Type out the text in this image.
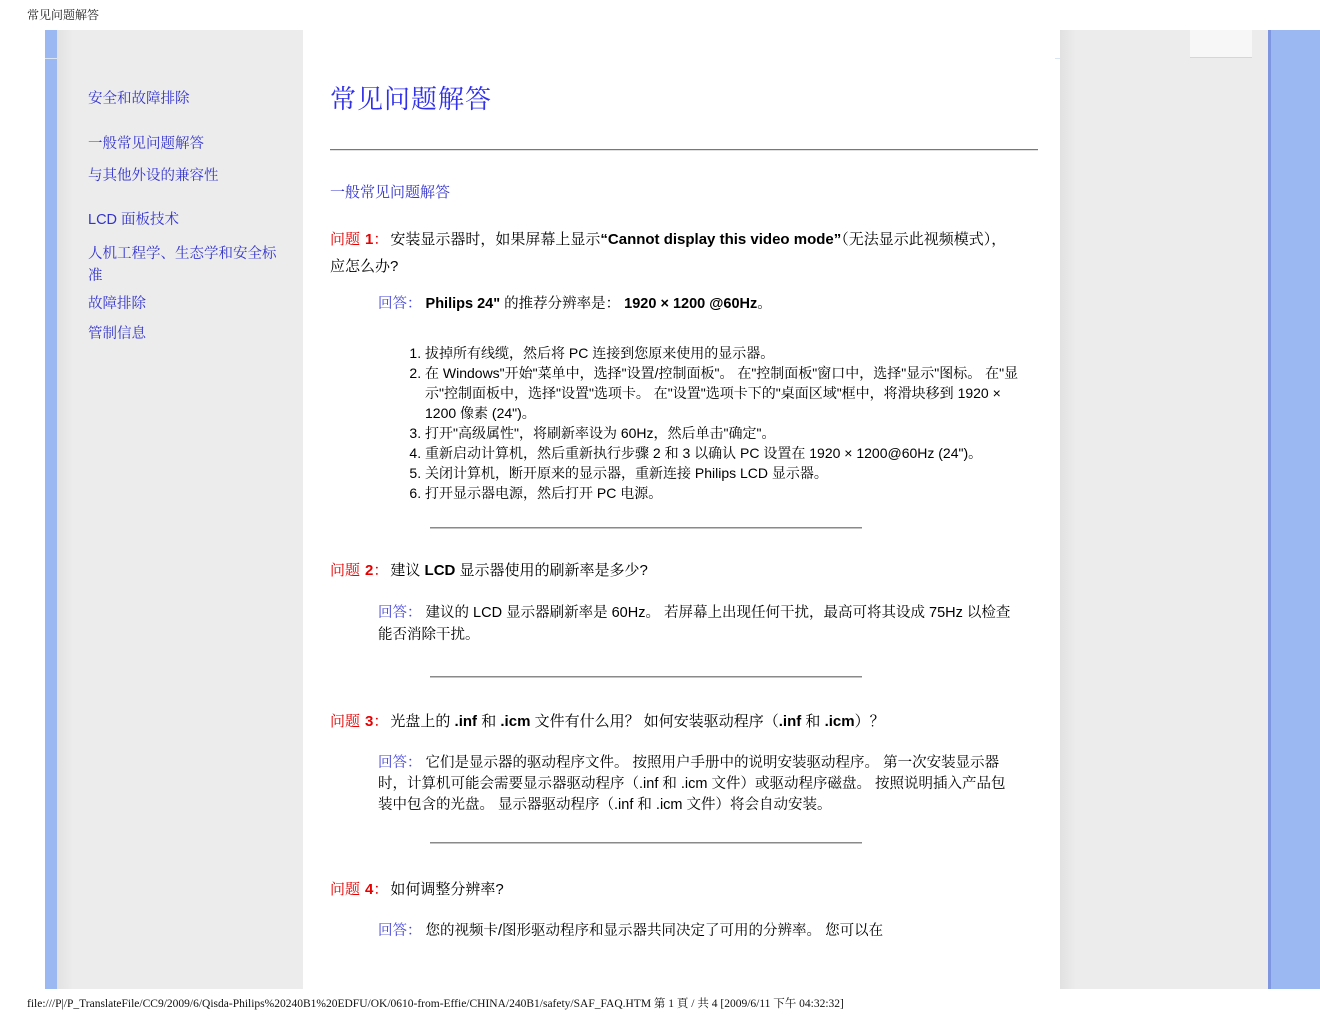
常见问题解答
安全和故障排除
一般常见问题解答
与其他外设的兼容性
LCD 面板技术
人机工程学、生态学和安全标准
故障排除
管制信息
常见问题解答
一般常见问题解答

问题 1： 安装显示器时，如果屏幕上显示“Cannot display this video mode”（无法显示此视频模式），应怎么办?

回答： Philips 24" 的推荐分辨率是： 1920 × 1200 @60Hz。

1. 拔掉所有线缆，然后将 PC 连接到您原来使用的显示器。
2. 在 Windows"开始"菜单中，选择"设置/控制面板"。 在"控制面板"窗口中，选择"显示"图标。 在"显示"控制面板中，选择"设置"选项卡。 在"设置"选项卡下的"桌面区域"框中，将滑块移到 1920 × 1200 像素 (24")。
3. 打开"高级属性"，将刷新率设为 60Hz，然后单击"确定"。
4. 重新启动计算机，然后重新执行步骤 2 和 3 以确认 PC 设置在 1920 × 1200@60Hz (24")。
5. 关闭计算机，断开原来的显示器，重新连接 Philips LCD 显示器。
6. 打开显示器电源，然后打开 PC 电源。

问题 2： 建议 LCD 显示器使用的刷新率是多少?

回答： 建议的 LCD 显示器刷新率是 60Hz。 若屏幕上出现任何干扰，最高可将其设成 75Hz 以检查能否消除干扰。

问题 3： 光盘上的 .inf 和 .icm 文件有什么用？ 如何安装驱动程序（.inf 和 .icm）？

回答： 它们是显示器的驱动程序文件。 按照用户手册中的说明安装驱动程序。 第一次安装显示器时，计算机可能会需要显示器驱动程序（.inf 和 .icm 文件）或驱动程序磁盘。 按照说明插入产品包装中包含的光盘。 显示器驱动程序（.inf 和 .icm 文件）将会自动安装。

问题 4： 如何调整分辨率?

回答： 您的视频卡/图形驱动程序和显示器共同决定了可用的分辨率。 您可以在

file:///P|/P_TranslateFile/CC9/2009/6/Qisda-Philips%20240B1%20EDFU/OK/0610-from-Effie/CHINA/240B1/safety/SAF_FAQ.HTM 第 1 頁 / 共 4 [2009/6/11 下午 04:32:32]
